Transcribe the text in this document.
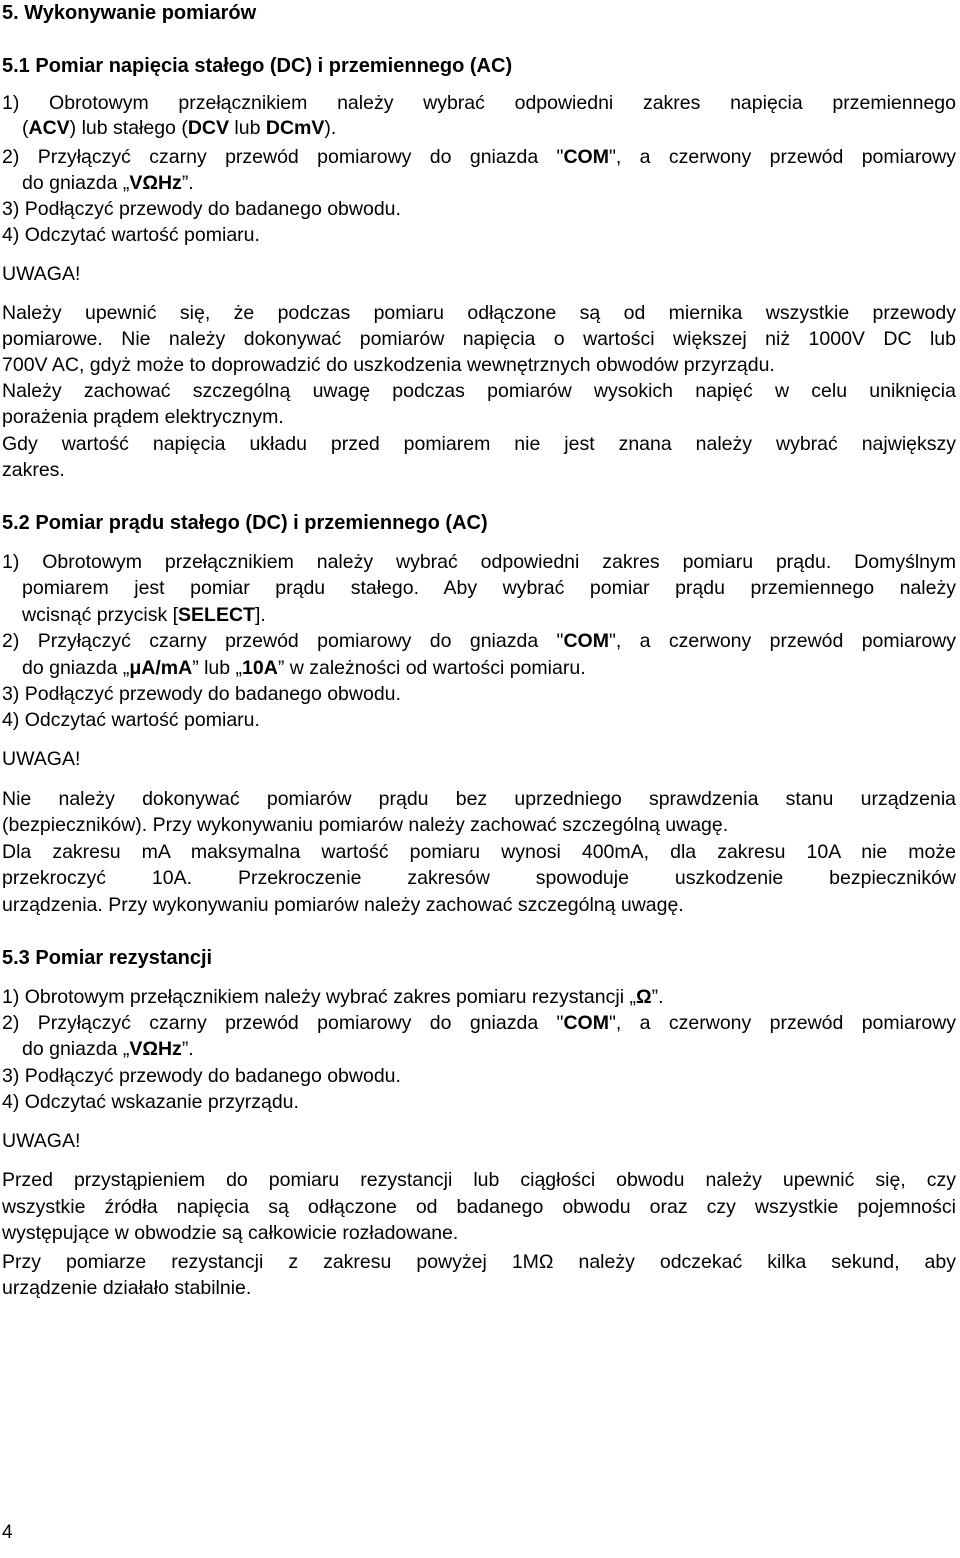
5. Wykonywanie pomiarów
5.1 Pomiar napięcia stałego (DC) i przemiennego (AC)
1) Obrotowym przełącznikiem należy wybrać odpowiedni zakres napięcia przemiennego
(ACV) lub stałego (DCV lub DCmV).
2) Przyłączyć czarny przewód pomiarowy do gniazda "COM", a czerwony przewód pomiarowy
do gniazda „VΩHz”.
3) Podłączyć przewody do badanego obwodu.
4) Odczytać wartość pomiaru.
UWAGA!
Należy upewnić się, że podczas pomiaru odłączone są od miernika wszystkie przewody
pomiarowe. Nie należy dokonywać pomiarów napięcia o wartości większej niż 1000V DC lub
700V AC, gdyż może to doprowadzić do uszkodzenia wewnętrznych obwodów przyrządu.
Należy zachować szczególną uwagę podczas pomiarów wysokich napięć w celu uniknięcia
porażenia prądem elektrycznym.
Gdy wartość napięcia układu przed pomiarem nie jest znana należy wybrać największy
zakres.
5.2 Pomiar prądu stałego (DC) i przemiennego (AC)
1) Obrotowym przełącznikiem należy wybrać odpowiedni zakres pomiaru prądu. Domyślnym
pomiarem jest pomiar prądu stałego. Aby wybrać pomiar prądu przemiennego należy
wcisnąć przycisk [SELECT].
2) Przyłączyć czarny przewód pomiarowy do gniazda "COM", a czerwony przewód pomiarowy
do gniazda „μA/mA” lub „10A” w zależności od wartości pomiaru.
3) Podłączyć przewody do badanego obwodu.
4) Odczytać wartość pomiaru.
UWAGA!
Nie należy dokonywać pomiarów prądu bez uprzedniego sprawdzenia stanu urządzenia
(bezpieczników). Przy wykonywaniu pomiarów należy zachować szczególną uwagę.
Dla zakresu mA maksymalna wartość pomiaru wynosi 400mA, dla zakresu 10A nie może
przekroczyć 10A. Przekroczenie zakresów spowoduje uszkodzenie bezpieczników
urządzenia. Przy wykonywaniu pomiarów należy zachować szczególną uwagę.
5.3 Pomiar rezystancji
1) Obrotowym przełącznikiem należy wybrać zakres pomiaru rezystancji „Ω”.
2) Przyłączyć czarny przewód pomiarowy do gniazda "COM", a czerwony przewód pomiarowy
do gniazda „VΩHz”.
3) Podłączyć przewody do badanego obwodu.
4) Odczytać wskazanie przyrządu.
UWAGA!
Przed przystąpieniem do pomiaru rezystancji lub ciągłości obwodu należy upewnić się, czy
wszystkie źródła napięcia są odłączone od badanego obwodu oraz czy wszystkie pojemności
występujące w obwodzie są całkowicie rozładowane.
Przy pomiarze rezystancji z zakresu powyżej 1MΩ należy odczekać kilka sekund, aby
urządzenie działało stabilnie.
4
